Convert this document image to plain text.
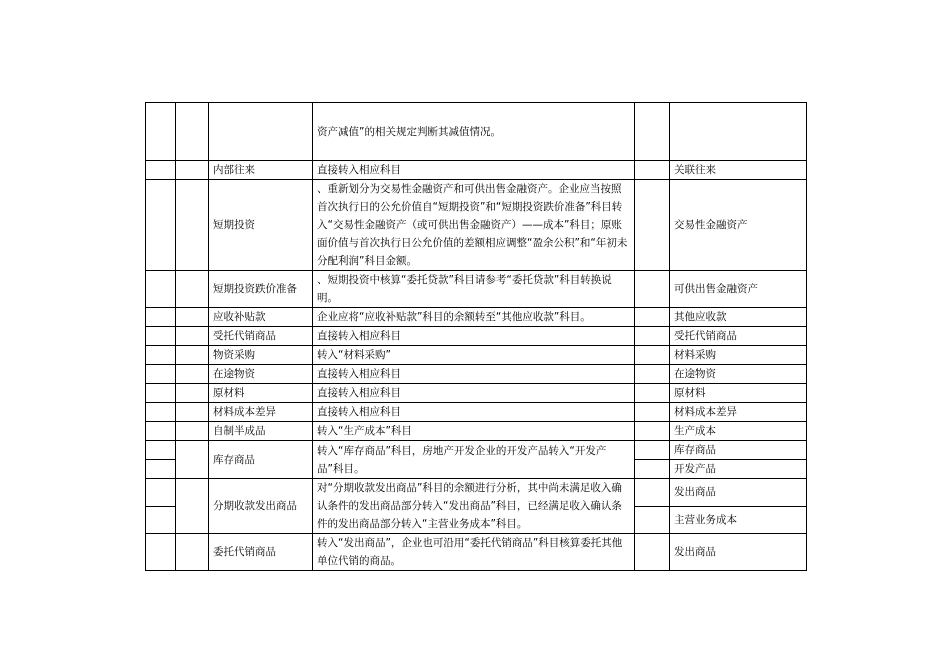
			资产减值”的相关规定判断其减值情况。		
		内部往来	直接转入相应科目		关联往来
		短期投资	、重新划分为交易性金融资产和可供出售金融资产。企业应当按照首次执行日的公允价值自“短期投资”和“短期投资跌价准备”科目转入“交易性金融资产（或可供出售金融资产）——成本”科目；原账面价值与首次执行日公允价值的差额相应调整“盈余公积”和“年初未分配利润”科目金额。		交易性金融资产
		短期投资跌价准备	、短期投资中核算“委托贷款”科目请参考“委托贷款”科目转换说明。		可供出售金融资产
		应收补贴款	企业应将“应收补贴款”科目的余额转至“其他应收款”科目。		其他应收款
		受托代销商品	直接转入相应科目		受托代销商品
		物资采购	转入“材料采购”		材料采购
		在途物资	直接转入相应科目		在途物资
		原材料	直接转入相应科目		原材料
		材料成本差异	直接转入相应科目		材料成本差异
		自制半成品	转入“生产成本”科目		生产成本
		库存商品	转入“库存商品”科目，房地产开发企业的开发产品转入“开发产品”科目。		库存商品
					开发产品
		分期收款发出商品	对“分期收款发出商品”科目的余额进行分析，其中尚未满足收入确认条件的发出商品部分转入“发出商品”科目，已经满足收入确认条件的发出商品部分转入“主营业务成本”科目。		发出商品
					主营业务成本
		委托代销商品	转入“发出商品”，企业也可沿用“委托代销商品”科目核算委托其他单位代销的商品。		发出商品
